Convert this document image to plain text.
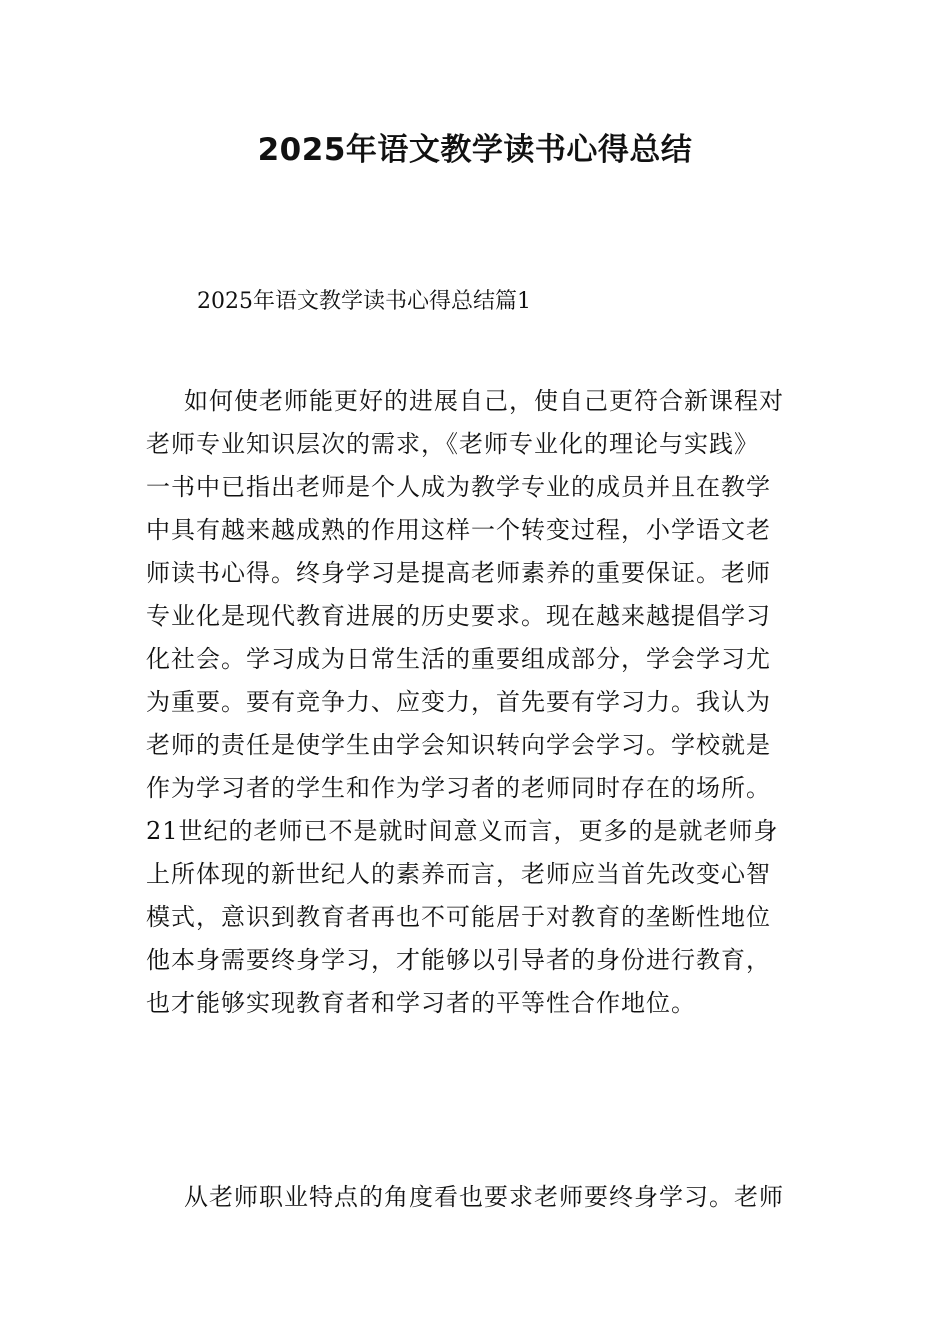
2025年语文教学读书心得总结
2025年语文教学读书心得总结篇1
如何使老师能更好的进展自己，使自己更符合新课程对
老师专业知识层次的需求，《老师专业化的理论与实践》
一书中已指出老师是个人成为教学专业的成员并且在教学
中具有越来越成熟的作用这样一个转变过程，小学语文老
师读书心得。终身学习是提高老师素养的重要保证。老师
专业化是现代教育进展的历史要求。现在越来越提倡学习
化社会。学习成为日常生活的重要组成部分，学会学习尤
为重要。要有竞争力、应变力，首先要有学习力。我认为
老师的责任是使学生由学会知识转向学会学习。学校就是
作为学习者的学生和作为学习者的老师同时存在的场所。
21世纪的老师已不是就时间意义而言，更多的是就老师身
上所体现的新世纪人的素养而言，老师应当首先改变心智
模式，意识到教育者再也不可能居于对教育的垄断性地位
他本身需要终身学习，才能够以引导者的身份进行教育，
也才能够实现教育者和学习者的平等性合作地位。
从老师职业特点的角度看也要求老师要终身学习。老师
